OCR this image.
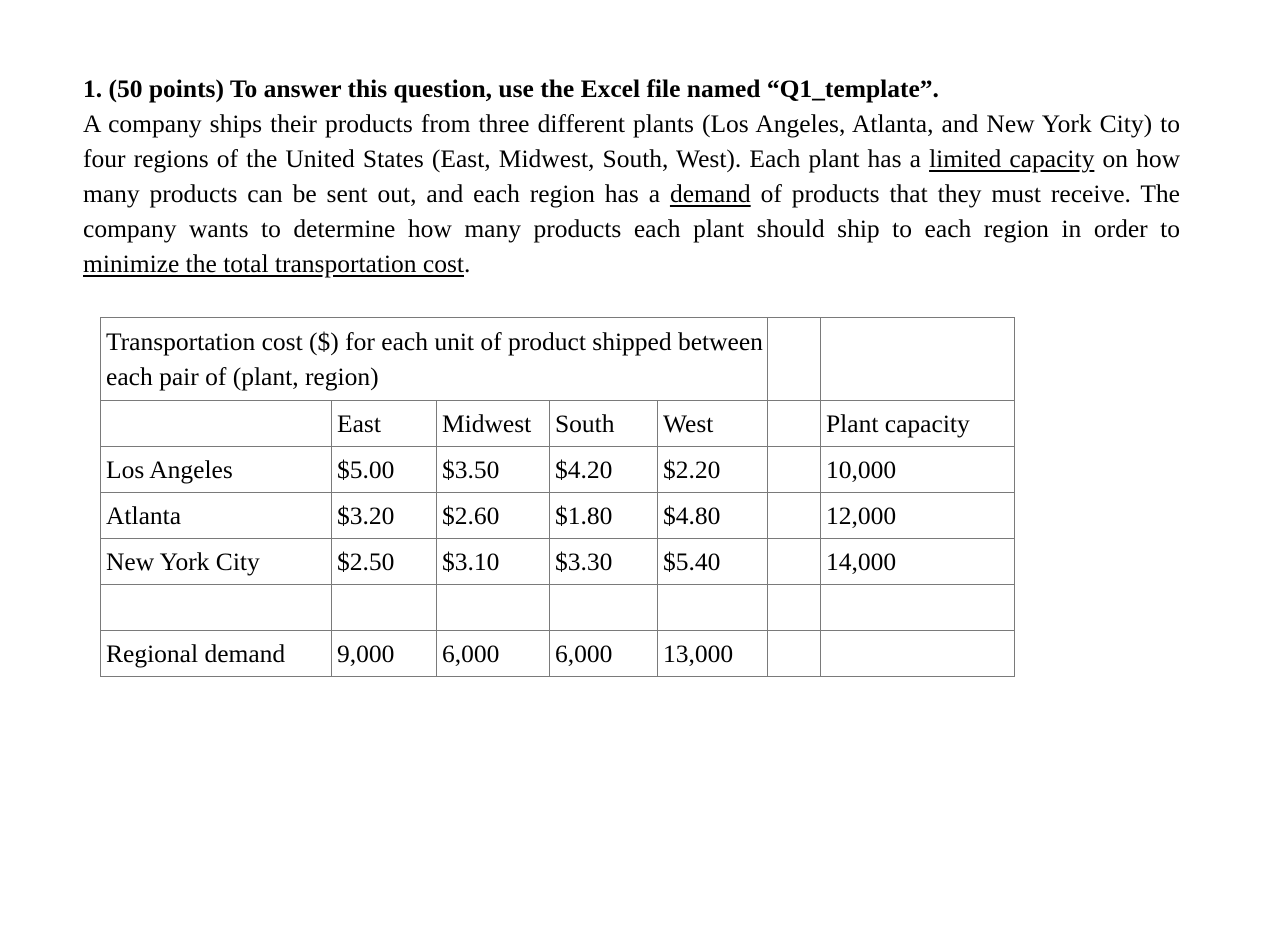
1. (50 points) To answer this question, use the Excel file named “Q1_template”.

A company ships their products from three different plants (Los Angeles, Atlanta, and New York City) to four regions of the United States (East, Midwest, South, West). Each plant has a limited capacity on how many products can be sent out, and each region has a demand of products that they must receive. The company wants to determine how many products each plant should ship to each region in order to minimize the total transportation cost.

Transportation cost ($) for each unit of product shipped between each pair of (plant, region)						
	East	Midwest	South	West		Plant capacity
Los Angeles	$5.00	$3.50	$4.20	$2.20		10,000
Atlanta	$3.20	$2.60	$1.80	$4.80		12,000
New York City	$2.50	$3.10	$3.30	$5.40		14,000

Regional demand	9,000	6,000	6,000	13,000		
